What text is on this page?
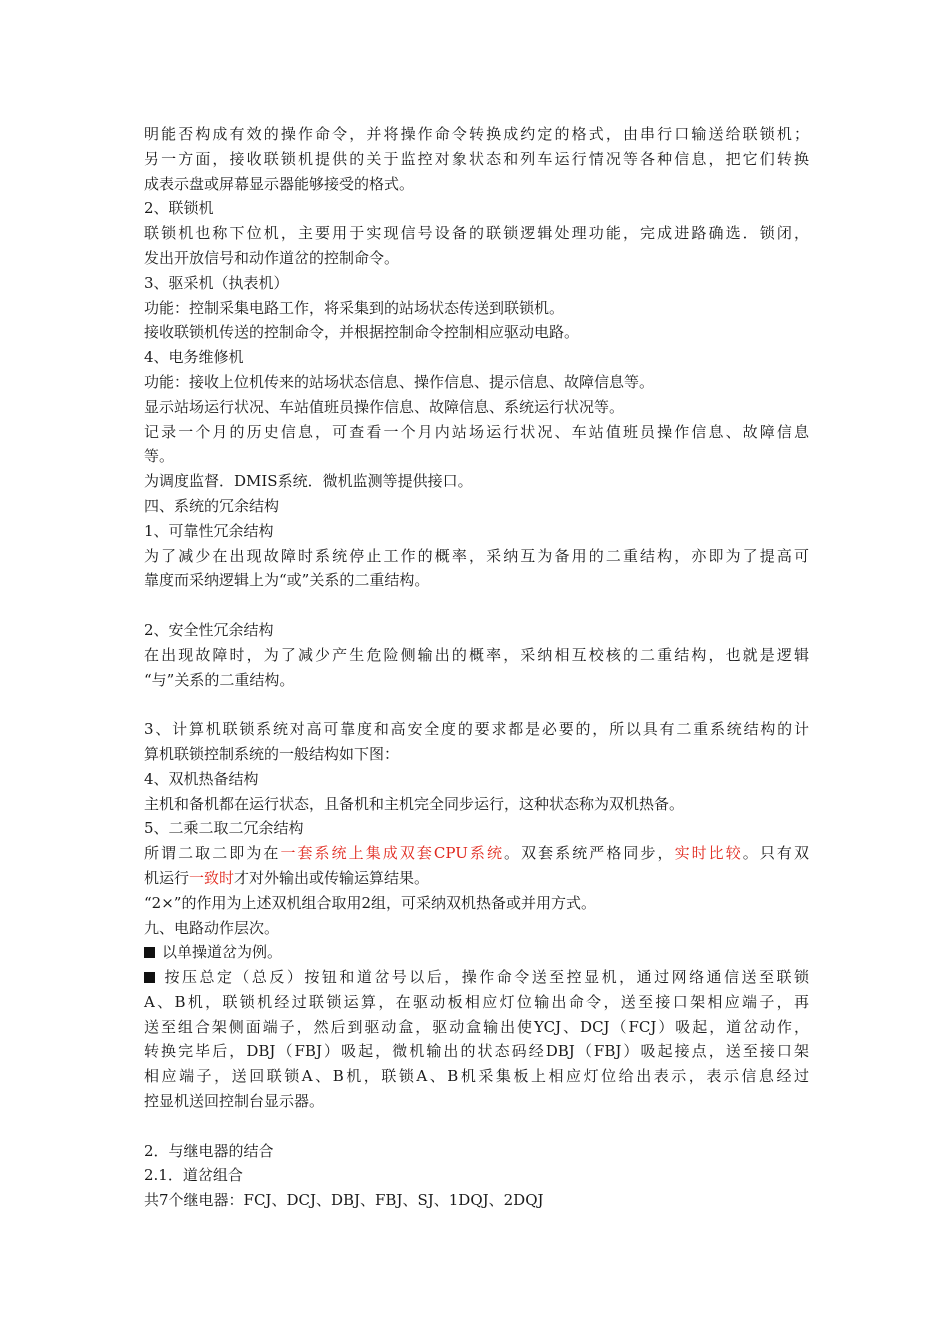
明能否构成有效的操作命令，并将操作命令转换成约定的格式，由串行口输送给联锁机；
另一方面，接收联锁机提供的关于监控对象状态和列车运行情况等各种信息，把它们转换
成表示盘或屏幕显示器能够接受的格式。
2、联锁机
联锁机也称下位机，主要用于实现信号设备的联锁逻辑处理功能，完成进路确选．锁闭，
发出开放信号和动作道岔的控制命令。
3、驱采机（执表机）
功能：控制采集电路工作，将采集到的站场状态传送到联锁机。
接收联锁机传送的控制命令，并根据控制命令控制相应驱动电路。
4、电务维修机
功能：接收上位机传来的站场状态信息、操作信息、提示信息、故障信息等。
显示站场运行状况、车站值班员操作信息、故障信息、系统运行状况等。
记录一个月的历史信息，可查看一个月内站场运行状况、车站值班员操作信息、故障信息
等。
为调度监督．DMIS系统．微机监测等提供接口。
四、系统的冗余结构
1、可靠性冗余结构
为了减少在出现故障时系统停止工作的概率，采纳互为备用的二重结构，亦即为了提高可
靠度而采纳逻辑上为“或”关系的二重结构。
2、安全性冗余结构
在出现故障时，为了减少产生危险侧输出的概率，采纳相互校核的二重结构，也就是逻辑
“与”关系的二重结构。
3、计算机联锁系统对高可靠度和高安全度的要求都是必要的，所以具有二重系统结构的计
算机联锁控制系统的一般结构如下图：
4、双机热备结构
主机和备机都在运行状态，且备机和主机完全同步运行，这种状态称为双机热备。
5、二乘二取二冗余结构
所谓二取二即为在一套系统上集成双套CPU系统。双套系统严格同步，实时比较。只有双
机运行一致时才对外输出或传输运算结果。
“2×”的作用为上述双机组合取用2组，可采纳双机热备或并用方式。
九、电路动作层次。
以单操道岔为例。
按压总定（总反）按钮和道岔号以后，操作命令送至控显机，通过网络通信送至联锁
A、B机，联锁机经过联锁运算，在驱动板相应灯位输出命令，送至接口架相应端子，再
送至组合架侧面端子，然后到驱动盒，驱动盒输出使YCJ、DCJ（FCJ）吸起，道岔动作，
转换完毕后，DBJ（FBJ）吸起，微机输出的状态码经DBJ（FBJ）吸起接点，送至接口架
相应端子，送回联锁A、B机，联锁A、B机采集板上相应灯位给出表示，表示信息经过
控显机送回控制台显示器。
2．与继电器的结合
2.1．道岔组合
共7个继电器：FCJ、DCJ、DBJ、FBJ、SJ、1DQJ、2DQJ
